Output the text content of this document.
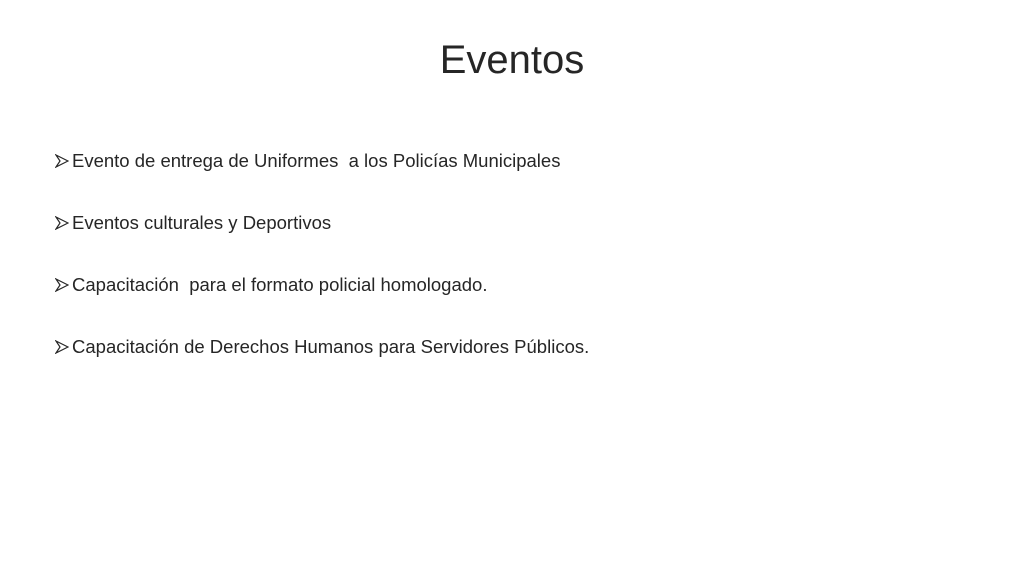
Eventos

Evento de entrega de Uniformes  a los Policías Municipales

Eventos culturales y Deportivos

Capacitación  para el formato policial homologado.

Capacitación de Derechos Humanos para Servidores Públicos.
